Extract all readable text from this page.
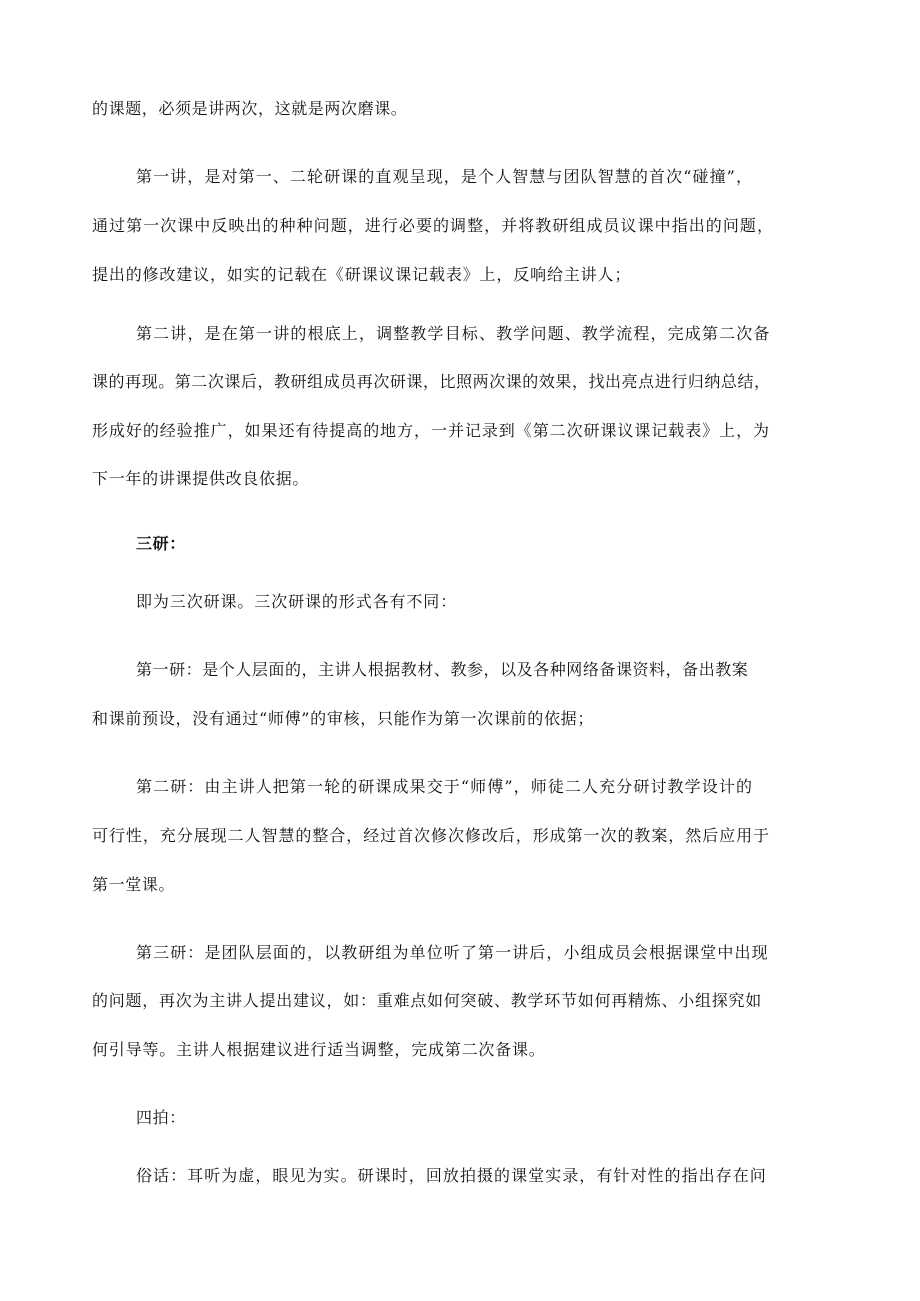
的课题，必须是讲两次，这就是两次磨课。
第一讲，是对第一、二轮研课的直观呈现，是个人智慧与团队智慧的首次“碰撞”，
通过第一次课中反映出的种种问题，进行必要的调整，并将教研组成员议课中指出的问题，
提出的修改建议，如实的记载在《研课议课记载表》上，反响给主讲人；
第二讲，是在第一讲的根底上，调整教学目标、教学问题、教学流程，完成第二次备
课的再现。第二次课后，教研组成员再次研课，比照两次课的效果，找出亮点进行归纳总结，
形成好的经验推广，如果还有待提高的地方，一并记录到《第二次研课议课记载表》上，为
下一年的讲课提供改良依据。
三研：
即为三次研课。三次研课的形式各有不同：
第一研：是个人层面的，主讲人根据教材、教参，以及各种网络备课资料，备出教案
和课前预设，没有通过“师傅”的审核，只能作为第一次课前的依据；
第二研：由主讲人把第一轮的研课成果交于“师傅”，师徒二人充分研讨教学设计的
可行性，充分展现二人智慧的整合，经过首次修次修改后，形成第一次的教案，然后应用于
第一堂课。
第三研：是团队层面的，以教研组为单位听了第一讲后，小组成员会根据课堂中出现
的问题，再次为主讲人提出建议，如：重难点如何突破、教学环节如何再精炼、小组探究如
何引导等。主讲人根据建议进行适当调整，完成第二次备课。
四拍：
俗话：耳听为虚，眼见为实。研课时，回放拍摄的课堂实录，有针对性的指出存在问
